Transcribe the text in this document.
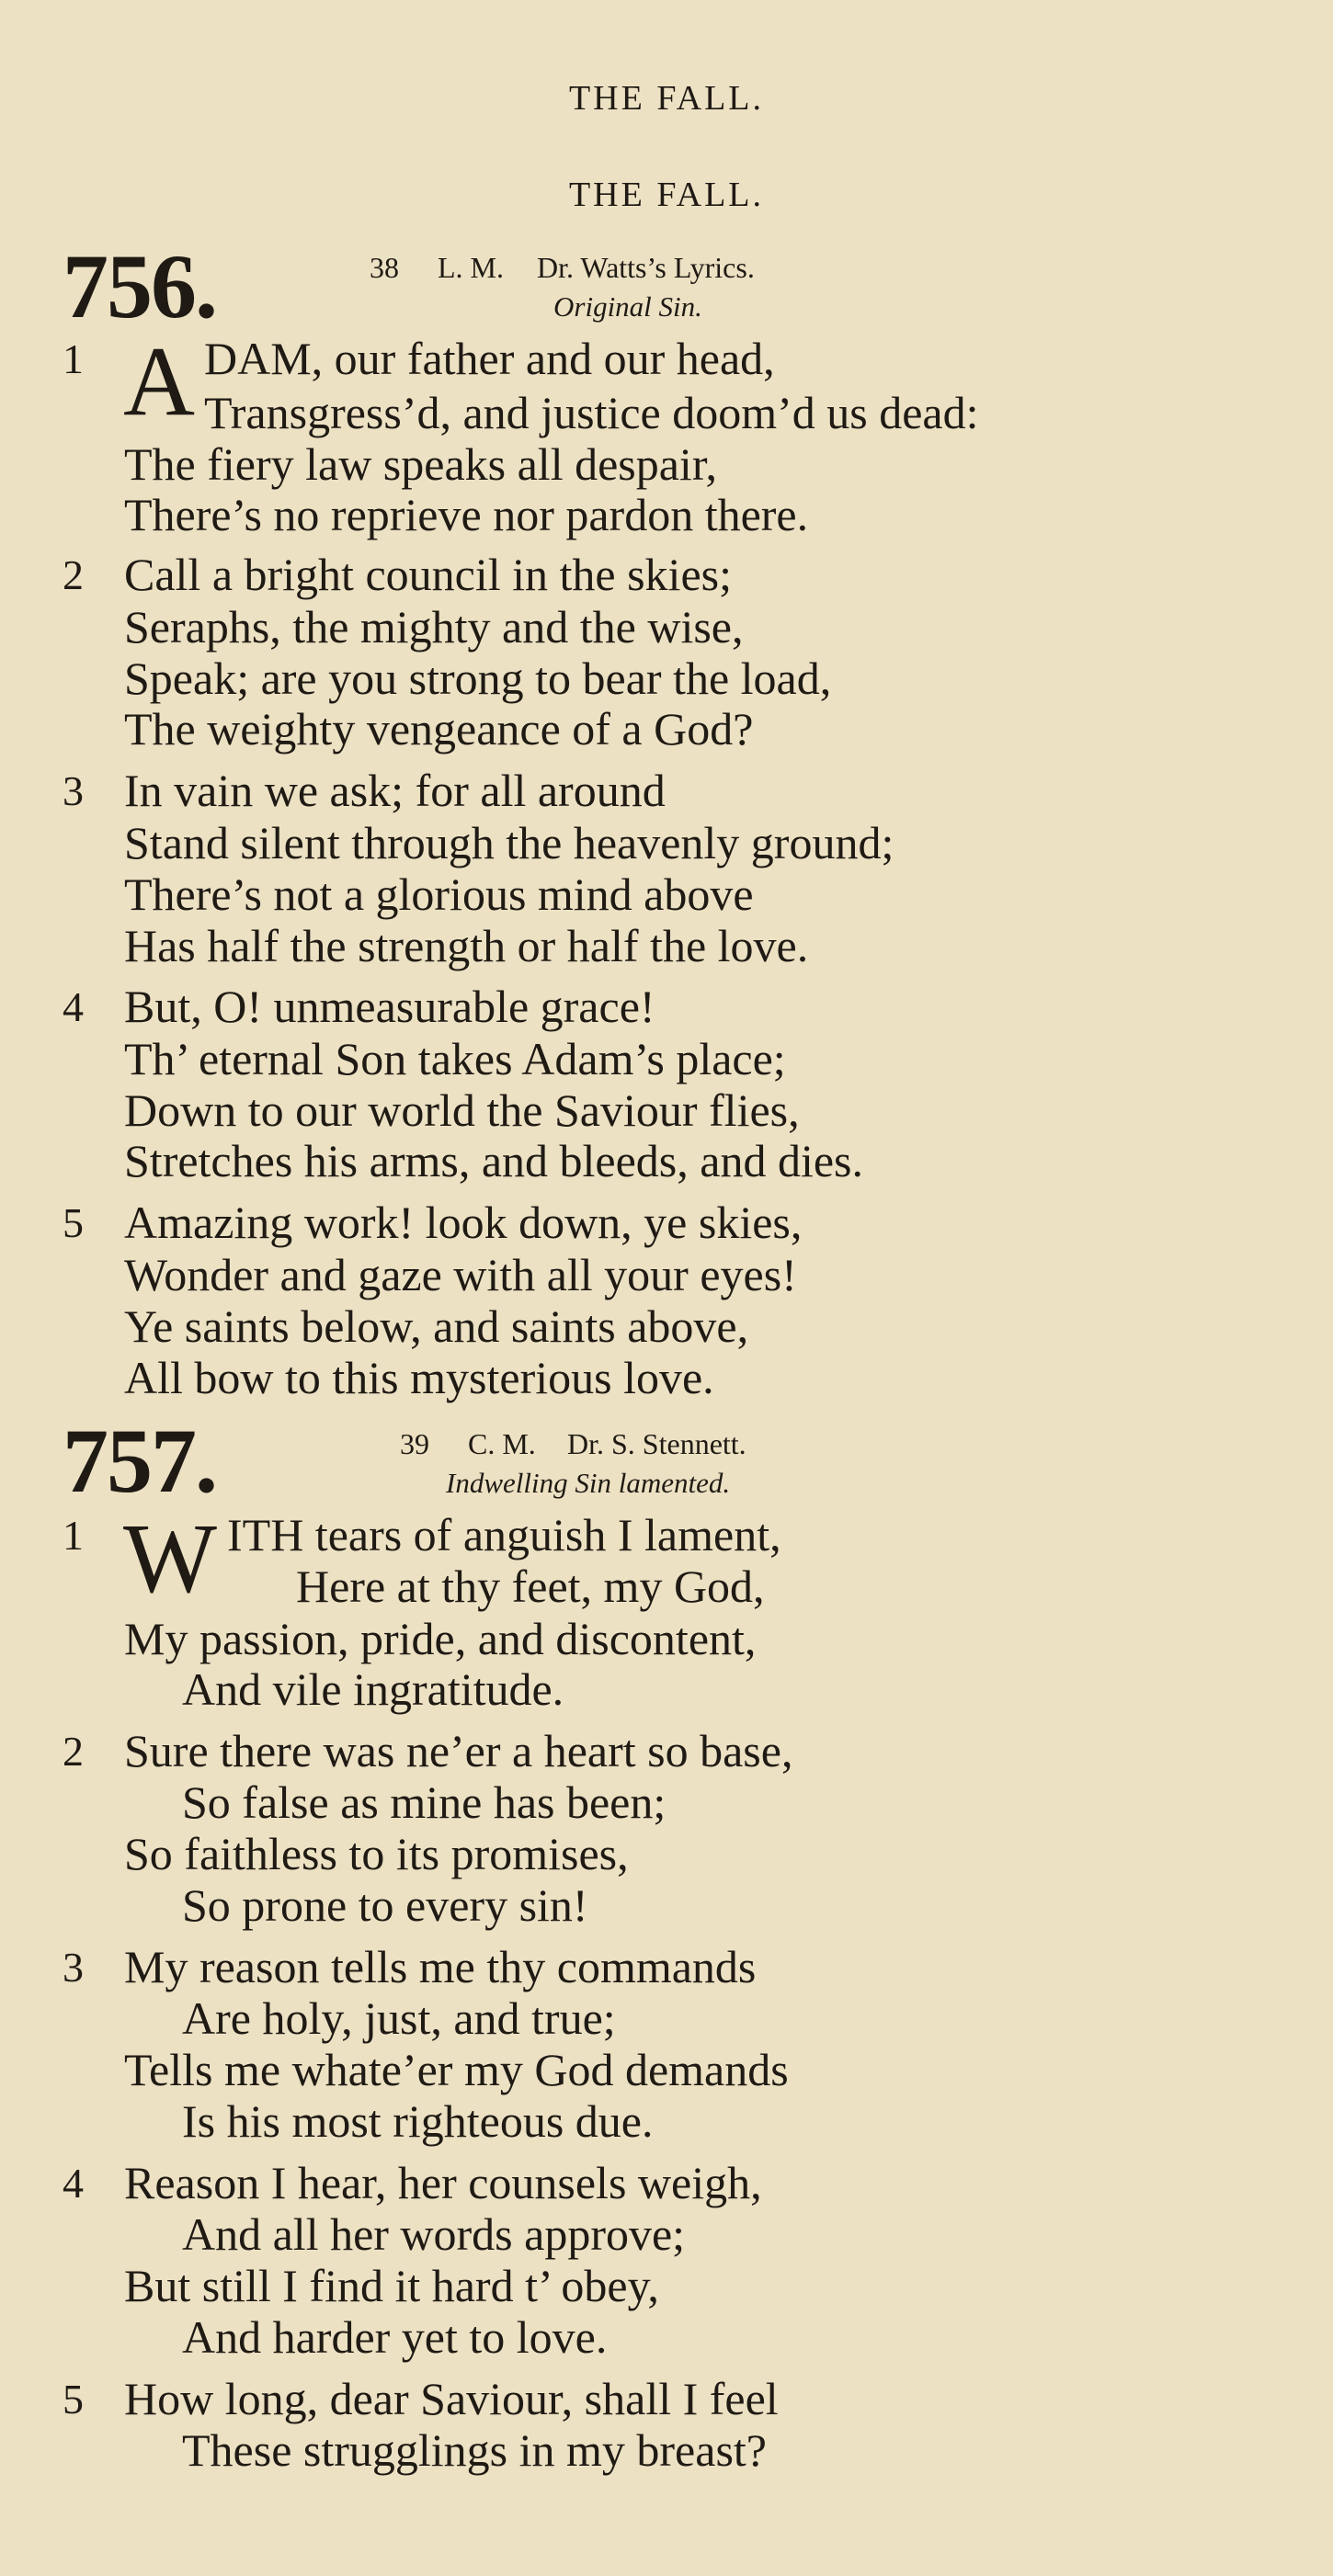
THE FALL.
THE FALL.
756.	38 L. M. Dr. Watts’s Lyrics.
Original Sin.
1 A DAM, our father and our head,
Transgress’d, and justice doom’d us dead:
The fiery law speaks all despair,
There’s no reprieve nor pardon there.
2 Call a bright council in the skies;
Seraphs, the mighty and the wise,
Speak; are you strong to bear the load,
The weighty vengeance of a God?
3 In vain we ask; for all around
Stand silent through the heavenly ground;
There’s not a glorious mind above
Has half the strength or half the love.
4 But, O! unmeasurable grace!
Th’ eternal Son takes Adam’s place;
Down to our world the Saviour flies,
Stretches his arms, and bleeds, and dies.
5 Amazing work! look down, ye skies,
Wonder and gaze with all your eyes!
Ye saints below, and saints above,
All bow to this mysterious love.
757.	39 C. M. Dr. S. Stennett.
Indwelling Sin lamented.
1 W ITH tears of anguish I lament,
Here at thy feet, my God,
My passion, pride, and discontent,
And vile ingratitude.
2 Sure there was ne’er a heart so base,
So false as mine has been;
So faithless to its promises,
So prone to every sin!
3 My reason tells me thy commands
Are holy, just, and true;
Tells me whate’er my God demands
Is his most righteous due.
4 Reason I hear, her counsels weigh,
And all her words approve;
But still I find it hard t’ obey,
And harder yet to love.
5 How long, dear Saviour, shall I feel
These strugglings in my breast?
